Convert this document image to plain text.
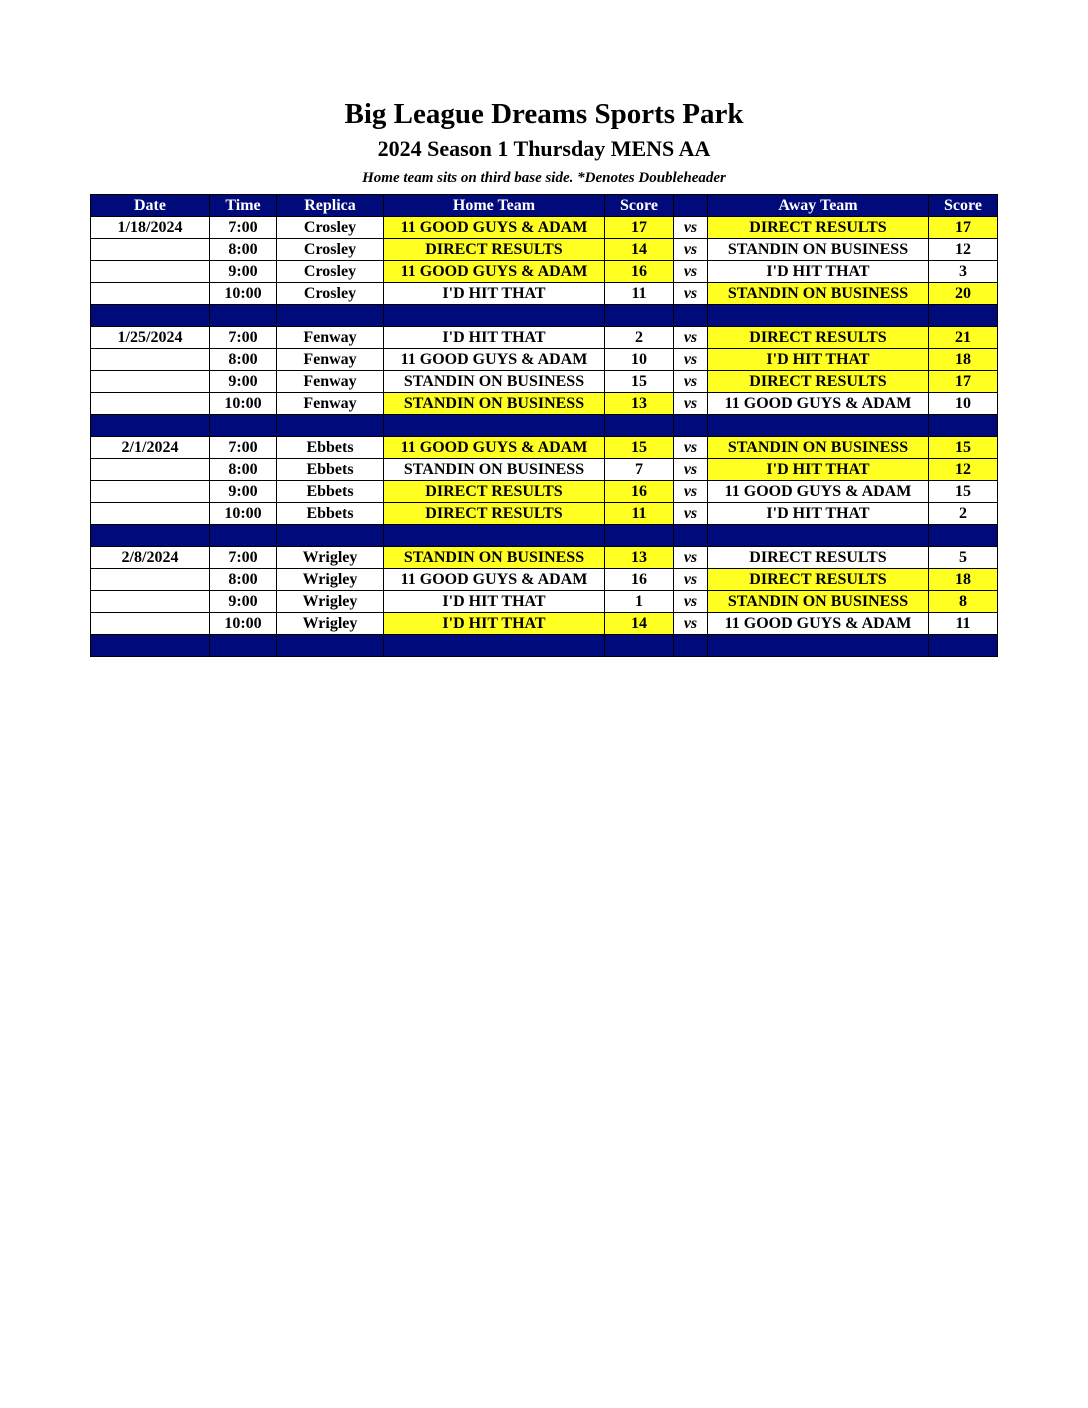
Big League Dreams Sports Park
2024 Season 1 Thursday MENS AA
Home team sits on third base side. *Denotes Doubleheader
Date	Time	Replica	Home Team	Score		Away Team	Score
1/18/2024	7:00	Crosley	11 GOOD GUYS & ADAM	17	vs	DIRECT RESULTS	17
	8:00	Crosley	DIRECT RESULTS	14	vs	STANDIN ON BUSINESS	12
	9:00	Crosley	11 GOOD GUYS & ADAM	16	vs	I'D HIT THAT	3
	10:00	Crosley	I'D HIT THAT	11	vs	STANDIN ON BUSINESS	20

1/25/2024	7:00	Fenway	I'D HIT THAT	2	vs	DIRECT RESULTS	21
	8:00	Fenway	11 GOOD GUYS & ADAM	10	vs	I'D HIT THAT	18
	9:00	Fenway	STANDIN ON BUSINESS	15	vs	DIRECT RESULTS	17
	10:00	Fenway	STANDIN ON BUSINESS	13	vs	11 GOOD GUYS & ADAM	10

2/1/2024	7:00	Ebbets	11 GOOD GUYS & ADAM	15	vs	STANDIN ON BUSINESS	15
	8:00	Ebbets	STANDIN ON BUSINESS	7	vs	I'D HIT THAT	12
	9:00	Ebbets	DIRECT RESULTS	16	vs	11 GOOD GUYS & ADAM	15
	10:00	Ebbets	DIRECT RESULTS	11	vs	I'D HIT THAT	2

2/8/2024	7:00	Wrigley	STANDIN ON BUSINESS	13	vs	DIRECT RESULTS	5
	8:00	Wrigley	11 GOOD GUYS & ADAM	16	vs	DIRECT RESULTS	18
	9:00	Wrigley	I'D HIT THAT	1	vs	STANDIN ON BUSINESS	8
	10:00	Wrigley	I'D HIT THAT	14	vs	11 GOOD GUYS & ADAM	11
